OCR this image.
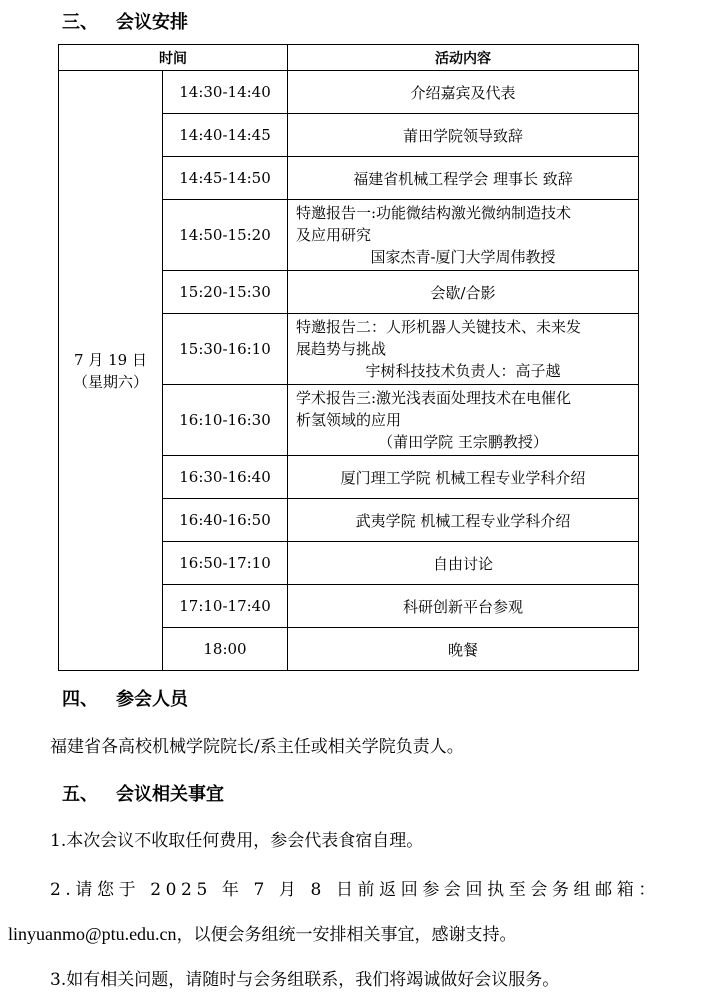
三、 会议安排
时间		活动内容

7 月 19 日
（星期六）	14:30-14:40	介绍嘉宾及代表
	14:40-14:45	莆田学院领导致辞
	14:45-14:50	福建省机械工程学会 理事长 致辞
	14:50-15:20	特邀报告一:功能微结构激光微纳制造技术
及应用研究
国家杰青-厦门大学周伟教授

	15:20-15:30	会歇/合影
	15:30-16:10	特邀报告二：人形机器人关键技术、未来发
展趋势与挑战
宇树科技技术负责人：高子越

	16:10-16:30	学术报告三:激光浅表面处理技术在电催化
析氢领域的应用
（莆田学院 王宗鹏教授）

	16:30-16:40	厦门理工学院 机械工程专业学科介绍
	16:40-16:50	武夷学院 机械工程专业学科介绍
	16:50-17:10	自由讨论
	17:10-17:40	科研创新平台参观
	18:00	晚餐
四、 参会人员
福建省各高校机械学院院长/系主任或相关学院负责人。
五、 会议相关事宜
1.本次会议不收取任何费用，参会代表食宿自理。
2.请您于 2025 年 7 月 8 日前返回参会回执至会务组邮箱：
linyuanmo@ptu.edu.cn，以便会务组统一安排相关事宜，感谢支持。
3.如有相关问题，请随时与会务组联系，我们将竭诚做好会议服务。
